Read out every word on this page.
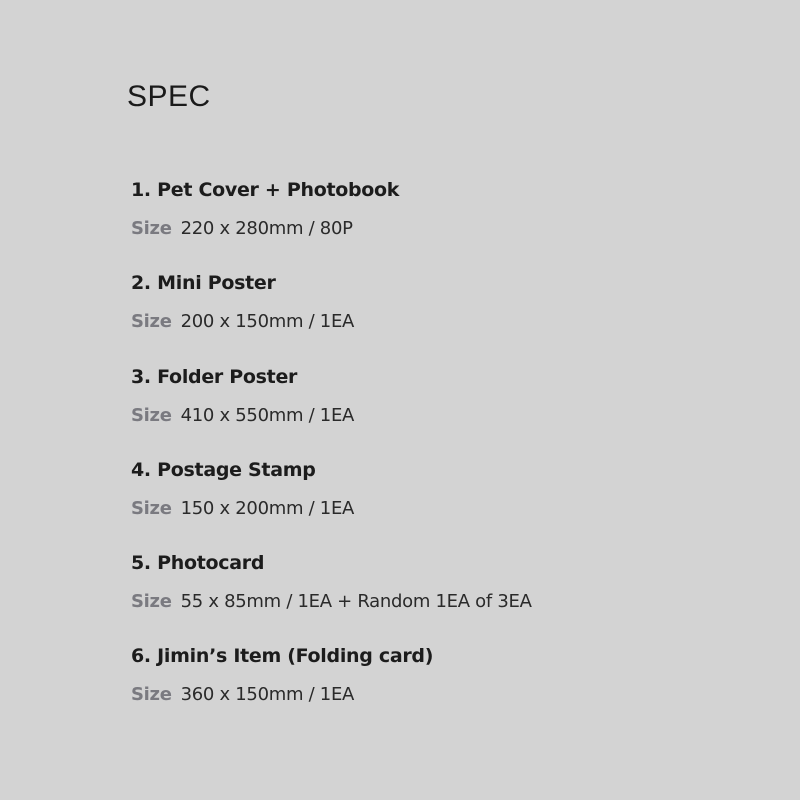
SPEC

1. Pet Cover + Photobook

Size 220 x 280mm / 80P

2. Mini Poster

Size 200 x 150mm / 1EA

3. Folder Poster

Size 410 x 550mm / 1EA

4. Postage Stamp

Size 150 x 200mm / 1EA

5. Photocard

Size 55 x 85mm / 1EA + Random 1EA of 3EA

6. Jimin’s Item (Folding card)

Size 360 x 150mm / 1EA
